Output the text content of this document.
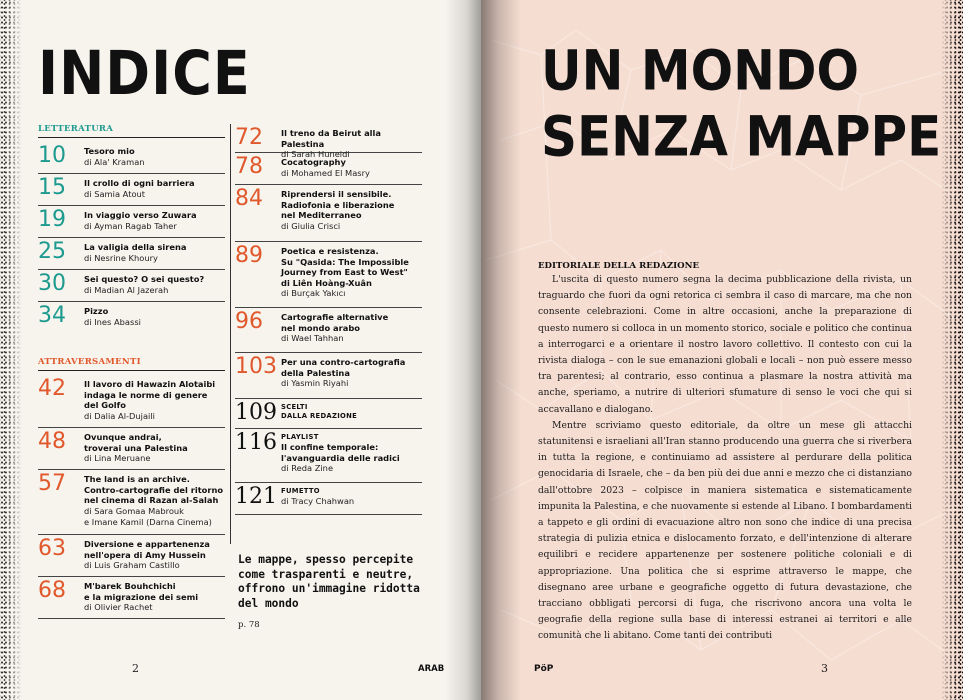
INDICE
LETTERATURA
10	Tesoro mio
di Ala' Kraman
15	Il crollo di ogni barriera
di Samia Atout
19	In viaggio verso Zuwara
di Ayman Ragab Taher
25	La valigia della sirena
di Nesrine Khoury
30	Sei questo? O sei questo?
di Madian Al Jazerah
34	Pizzo
di Ines Abassi
ATTRAVERSAMENTI
42	Il lavoro di Hawazin Alotaibi
indaga le norme di genere
del Golfo
di Dalia Al-Dujaili
48	Ovunque andrai,
troverai una Palestina
di Lina Meruane
57	The land is an archive.
Contro-cartografie del ritorno
nel cinema di Razan al-Salah
di Sara Gomaa Mabrouk
e Imane Kamil (Darna Cinema)
63	Diversione e appartenenza
nell'opera di Amy Hussein
di Luis Graham Castillo
68	M'barek Bouhchichi
e la migrazione dei semi
di Olivier Rachet
72	Il treno da Beirut alla Palestina
di Sarah Huneidi
78	Cocatography
di Mohamed El Masry
84	Riprendersi il sensibile.
Radiofonia e liberazione
nel Mediterraneo
di Giulia Crisci
89	Poetica e resistenza.
Su "Qasida: The Impossible
Journey from East to West"
di Liên Hoàng-Xuân
di Burçak Yakıcı
96	Cartografie alternative
nel mondo arabo
di Wael Tahhan
103 Per una contro-cartografia
della Palestina
di Yasmin Riyahi
109 SCELTI
DALLA REDAZIONE
116 PLAYLIST
Il confine temporale:
l'avanguardia delle radici
di Reda Zine
121 FUMETTO
di Tracy Chahwan
Le mappe, spesso percepite come trasparenti e neutre, offrono un'immagine ridotta del mondo
p. 78
2	ARAB
UN MONDO
SENZA MAPPE
EDITORIALE DELLA REDAZIONE

L'uscita di questo numero segna la decima pubblicazione della rivista, un traguardo che fuori da ogni retorica ci sembra il caso di marcare, ma che non consente celebrazioni. Come in altre occasioni, anche la preparazione di questo numero si colloca in un momento storico, sociale e politico che continua a interrogarci e a orientare il nostro lavoro collettivo. Il contesto con cui la rivista dialoga – con le sue emanazioni globali e locali – non può essere messo tra parentesi; al contrario, esso continua a plasmare la nostra attività ma anche, speriamo, a nutrire di ulteriori sfumature di senso le voci che qui si accavallano e dialogano.

Mentre scriviamo questo editoriale, da oltre un mese gli attacchi statunitensi e israeliani all'Iran stanno producendo una guerra che si riverbera in tutta la regione, e continuiamo ad assistere al perdurare della politica genocidaria di Israele, che – da ben più dei due anni e mezzo che ci distanziano dall'ottobre 2023 – colpisce in maniera sistematica e sistematicamente impunita la Palestina, e che nuovamente si estende al Libano. I bombardamenti a tappeto e gli ordini di evacuazione altro non sono che indice di una precisa strategia di pulizia etnica e dislocamento forzato, e dell'intenzione di alterare equilibri e recidere appartenenze per sostenere politiche coloniali e di appropriazione. Una politica che si esprime attraverso le mappe, che disegnano aree urbane e geografiche oggetto di futura devastazione, che tracciano obbligati percorsi di fuga, che riscrivono ancora una volta le geografie della regione sulla base di interessi estranei ai territori e alle comunità che li abitano. Come tanti dei contributi

PöP	3
